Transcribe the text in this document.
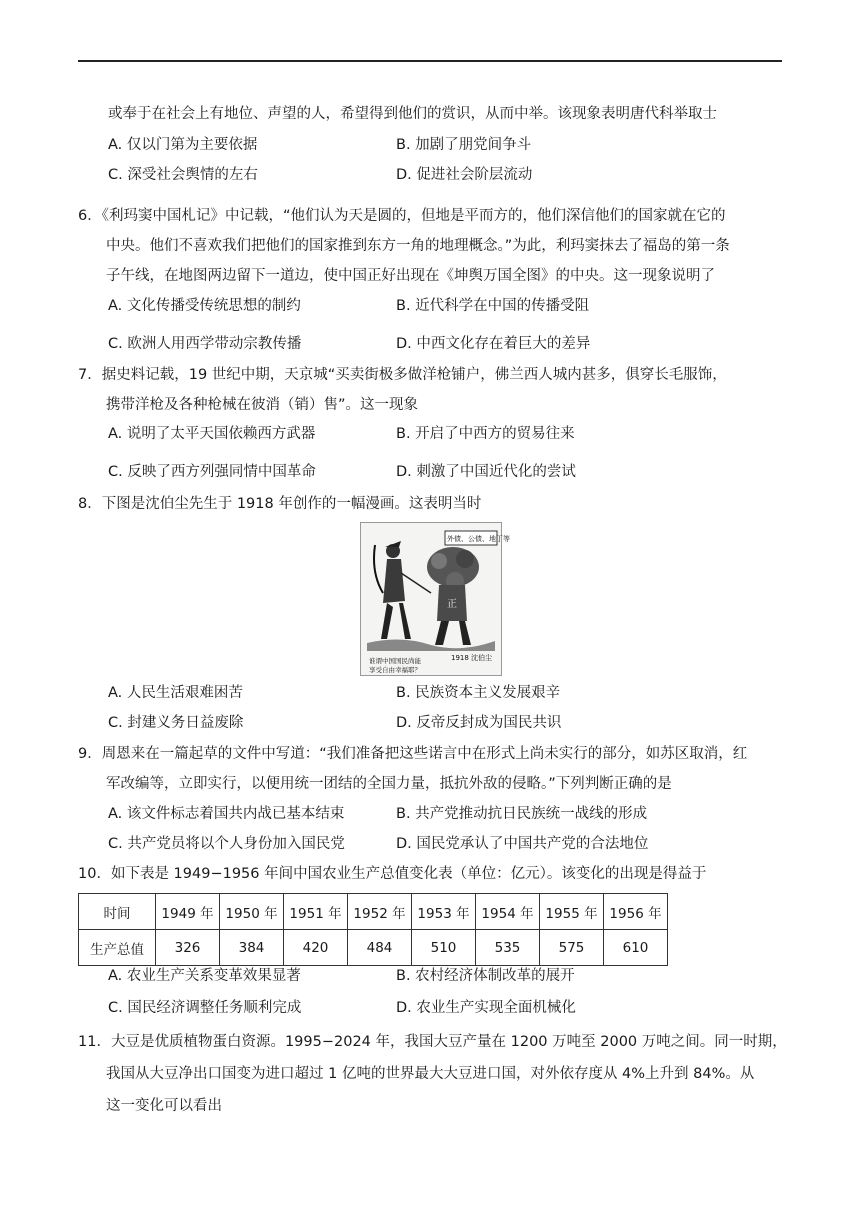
或奉于在社会上有地位、声望的人，希望得到他们的赏识，从而中举。该现象表明唐代科举取士
A. 仅以门第为主要依据	B. 加剧了朋党间争斗
C. 深受社会舆情的左右	D. 促进社会阶层流动
6．《利玛窦中国札记》中记载，“他们认为天是圆的，但地是平而方的，他们深信他们的国家就在它的
中央。他们不喜欢我们把他们的国家推到东方一角的地理概念。”为此，利玛窦抹去了福岛的第一条
子午线，在地图两边留下一道边，使中国正好出现在《坤舆万国全图》的中央。这一现象说明了
A. 文化传播受传统思想的制约	B. 近代科学在中国的传播受阻
C. 欧洲人用西学带动宗教传播	D. 中西文化存在着巨大的差异
7．据史料记载，19 世纪中期，天京城“买卖街极多做洋枪铺户，佛兰西人城内甚多，俱穿长毛服饰，
携带洋枪及各种枪械在彼消（销）售”。这一现象
A. 说明了太平天国依赖西方武器	B. 开启了中西方的贸易往来
C. 反映了西方列强同情中国革命	D. 刺激了中国近代化的尝试
8．下图是沈伯尘先生于 1918 年创作的一幅漫画。这表明当时
外债、公债、地丁等
正
谁谓中国国民尚能
享受自由幸福耶？
1918 沈伯尘
A. 人民生活艰难困苦	B. 民族资本主义发展艰辛
C. 封建义务日益废除	D. 反帝反封成为国民共识
9．周恩来在一篇起草的文件中写道：“我们准备把这些诺言中在形式上尚未实行的部分，如苏区取消，红
军改编等，立即实行，以便用统一团结的全国力量，抵抗外敌的侵略。”下列判断正确的是
A. 该文件标志着国共内战已基本结束	B. 共产党推动抗日民族统一战线的形成
C. 共产党员将以个人身份加入国民党	D. 国民党承认了中国共产党的合法地位
10．如下表是 1949−1956 年间中国农业生产总值变化表（单位：亿元）。该变化的出现是得益于
时间	1949 年	1950 年	1951 年	1952 年	1953 年	1954 年	1955 年	1956 年
生产总值	326	384	420	484	510	535	575	610
A. 农业生产关系变革效果显著	B. 农村经济体制改革的展开
C. 国民经济调整任务顺利完成	D. 农业生产实现全面机械化
11．大豆是优质植物蛋白资源。1995−2024 年，我国大豆产量在 1200 万吨至 2000 万吨之间。同一时期，
我国从大豆净出口国变为进口超过 1 亿吨的世界最大大豆进口国，对外依存度从 4%上升到 84%。从
这一变化可以看出
